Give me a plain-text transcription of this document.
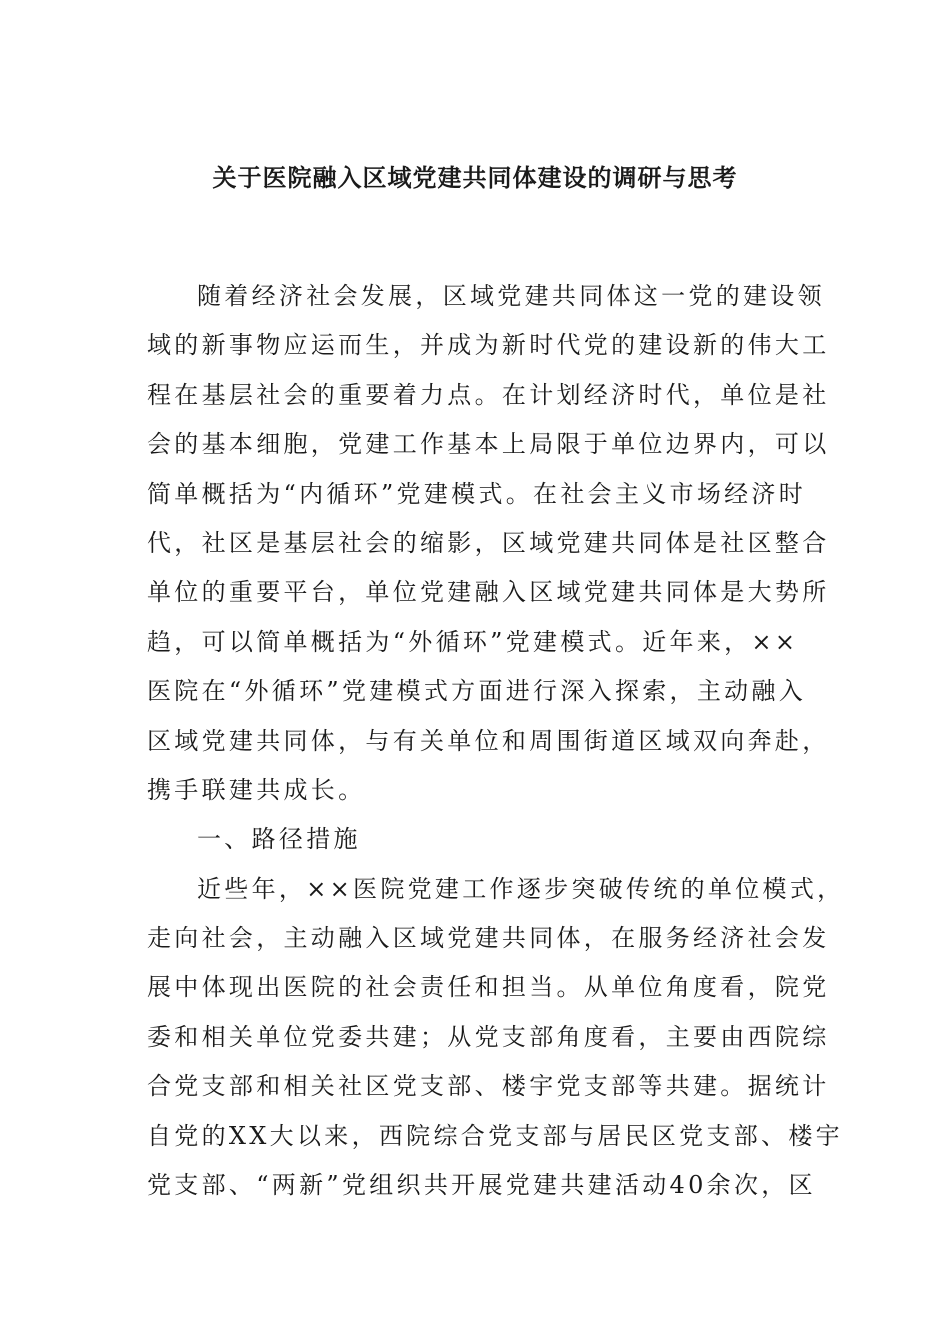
关于医院融入区域党建共同体建设的调研与思考
随着经济社会发展，区域党建共同体这一党的建设领
域的新事物应运而生，并成为新时代党的建设新的伟大工
程在基层社会的重要着力点。在计划经济时代，单位是社
会的基本细胞，党建工作基本上局限于单位边界内，可以
简单概括为“内循环”党建模式。在社会主义市场经济时
代，社区是基层社会的缩影，区域党建共同体是社区整合
单位的重要平台，单位党建融入区域党建共同体是大势所
趋，可以简单概括为“外循环”党建模式。近年来，××
医院在“外循环”党建模式方面进行深入探索，主动融入
区域党建共同体，与有关单位和周围街道区域双向奔赴，
携手联建共成长。
一、路径措施
近些年，××医院党建工作逐步突破传统的单位模式，
走向社会，主动融入区域党建共同体，在服务经济社会发
展中体现出医院的社会责任和担当。从单位角度看，院党
委和相关单位党委共建；从党支部角度看，主要由西院综
合党支部和相关社区党支部、楼宇党支部等共建。据统计
自党的XX大以来，西院综合党支部与居民区党支部、楼宇
党支部、“两新”党组织共开展党建共建活动40余次，区
